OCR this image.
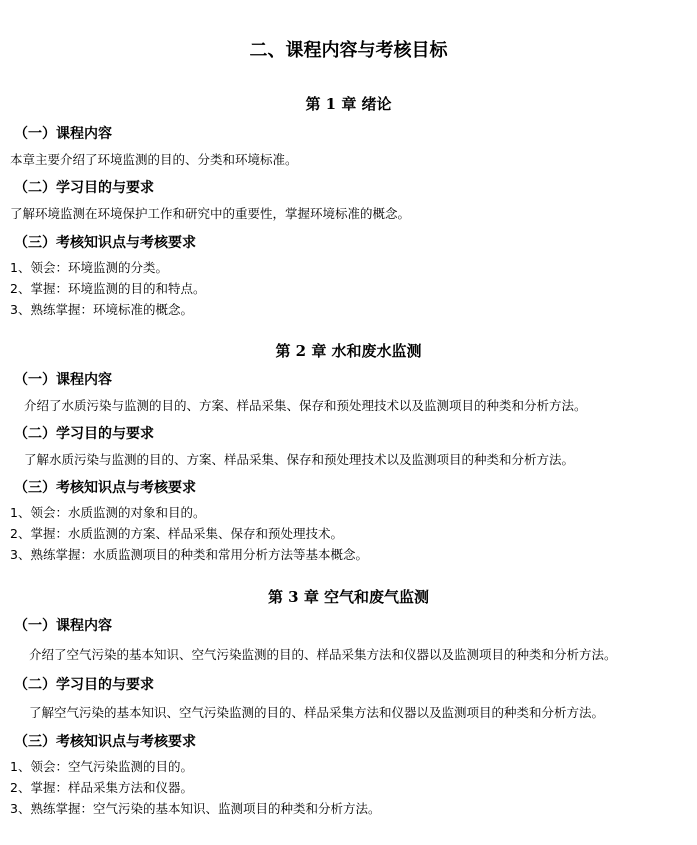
二、课程内容与考核目标
第 1 章 绪论
（一）课程内容
本章主要介绍了环境监测的目的、分类和环境标准。
（二）学习目的与要求
了解环境监测在环境保护工作和研究中的重要性，掌握环境标准的概念。
（三）考核知识点与考核要求
1、领会：环境监测的分类。
2、掌握：环境监测的目的和特点。
3、熟练掌握：环境标准的概念。
第 2 章 水和废水监测
（一）课程内容
介绍了水质污染与监测的目的、方案、样品采集、保存和预处理技术以及监测项目的种类和分析方法。
（二）学习目的与要求
了解水质污染与监测的目的、方案、样品采集、保存和预处理技术以及监测项目的种类和分析方法。
（三）考核知识点与考核要求
1、领会：水质监测的对象和目的。
2、掌握：水质监测的方案、样品采集、保存和预处理技术。
3、熟练掌握：水质监测项目的种类和常用分析方法等基本概念。
第 3 章 空气和废气监测
（一）课程内容
介绍了空气污染的基本知识、空气污染监测的目的、样品采集方法和仪器以及监测项目的种类和分析方法。
（二）学习目的与要求
了解空气污染的基本知识、空气污染监测的目的、样品采集方法和仪器以及监测项目的种类和分析方法。
（三）考核知识点与考核要求
1、领会：空气污染监测的目的。
2、掌握：样品采集方法和仪器。
3、熟练掌握：空气污染的基本知识、监测项目的种类和分析方法。
